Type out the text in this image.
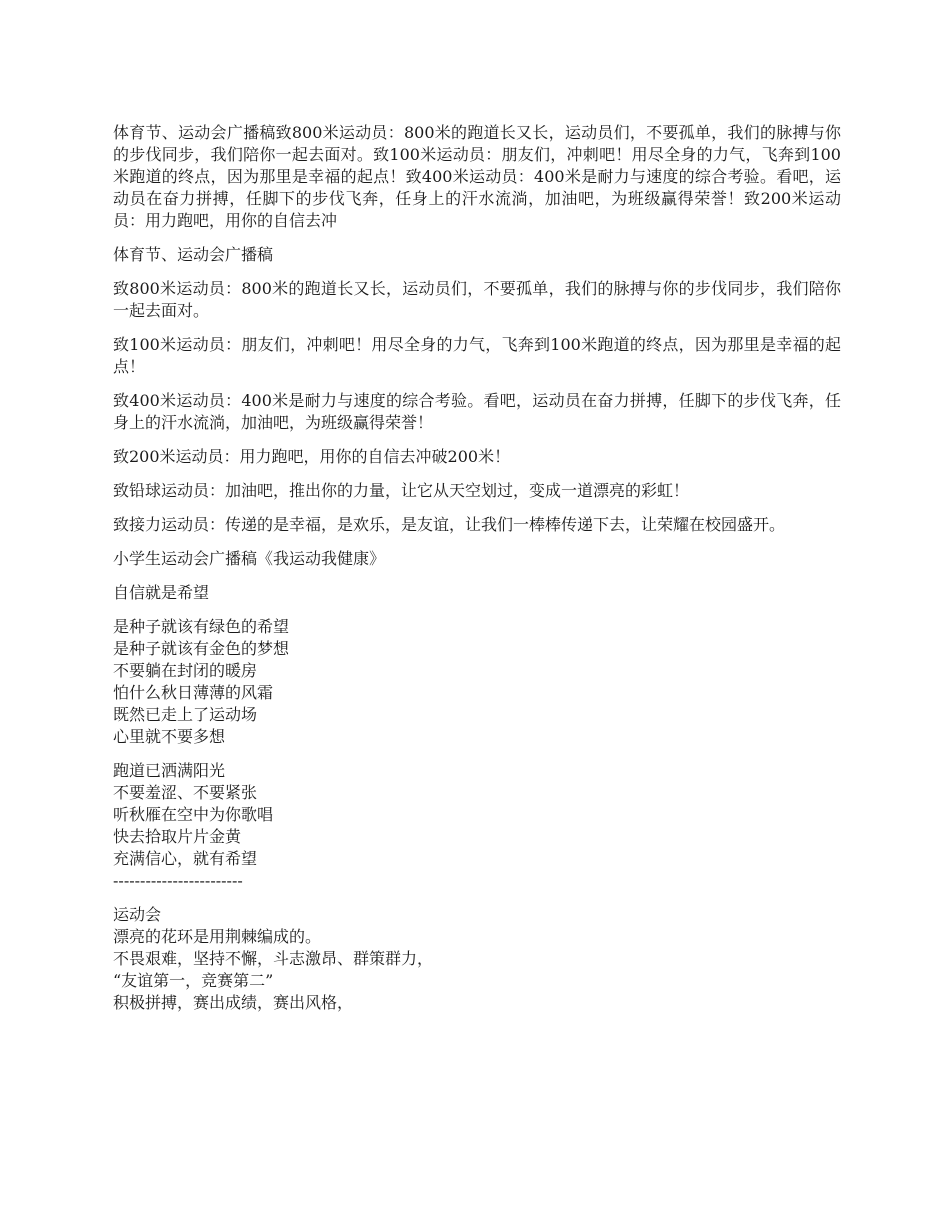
体育节、运动会广播稿致800米运动员：800米的跑道长又长，运动员们，不要孤单，我们的脉搏与你的步伐同步，我们陪你一起去面对。致100米运动员：朋友们，冲刺吧！用尽全身的力气，飞奔到100米跑道的终点，因为那里是幸福的起点！致400米运动员：400米是耐力与速度的综合考验。看吧，运动员在奋力拼搏，任脚下的步伐飞奔，任身上的汗水流淌，加油吧，为班级赢得荣誉！致200米运动员：用力跑吧，用你的自信去冲

体育节、运动会广播稿

致800米运动员：800米的跑道长又长，运动员们，不要孤单，我们的脉搏与你的步伐同步，我们陪你一起去面对。

致100米运动员：朋友们，冲刺吧！用尽全身的力气，飞奔到100米跑道的终点，因为那里是幸福的起点！

致400米运动员：400米是耐力与速度的综合考验。看吧，运动员在奋力拼搏，任脚下的步伐飞奔，任身上的汗水流淌，加油吧，为班级赢得荣誉！

致200米运动员：用力跑吧，用你的自信去冲破200米！

致铅球运动员：加油吧，推出你的力量，让它从天空划过，变成一道漂亮的彩虹！

致接力运动员：传递的是幸福，是欢乐，是友谊，让我们一棒棒传递下去，让荣耀在校园盛开。

小学生运动会广播稿《我运动我健康》

自信就是希望

是种子就该有绿色的希望
是种子就该有金色的梦想
不要躺在封闭的暖房
怕什么秋日薄薄的风霜
既然已走上了运动场
心里就不要多想
跑道已洒满阳光
不要羞涩、不要紧张
听秋雁在空中为你歌唱
快去拾取片片金黄
充满信心，就有希望
------------------------
运动会
漂亮的花环是用荆棘编成的。
不畏艰难，坚持不懈，斗志激昂、群策群力，
“友谊第一，竞赛第二”
积极拼搏，赛出成绩，赛出风格，
